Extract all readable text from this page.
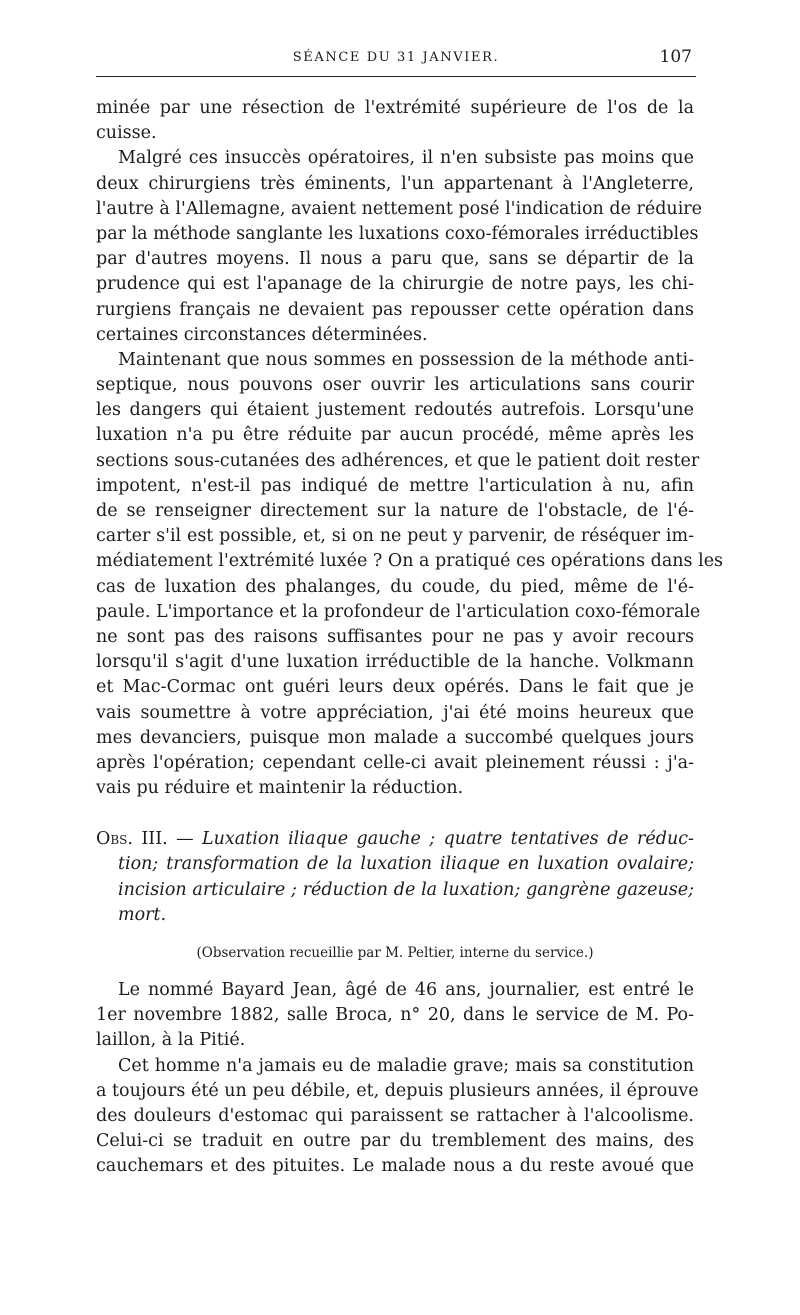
SÉANCE DU 31 JANVIER.	107
minée par une résection de l'extrémité supérieure de l'os de la
cuisse.
Malgré ces insuccès opératoires, il n'en subsiste pas moins que
deux chirurgiens très éminents, l'un appartenant à l'Angleterre,
l'autre à l'Allemagne, avaient nettement posé l'indication de réduire
par la méthode sanglante les luxations coxo-fémorales irréductibles
par d'autres moyens. Il nous a paru que, sans se départir de la
prudence qui est l'apanage de la chirurgie de notre pays, les chi-
rurgiens français ne devaient pas repousser cette opération dans
certaines circonstances déterminées.
Maintenant que nous sommes en possession de la méthode anti-
septique, nous pouvons oser ouvrir les articulations sans courir
les dangers qui étaient justement redoutés autrefois. Lorsqu'une
luxation n'a pu être réduite par aucun procédé, même après les
sections sous-cutanées des adhérences, et que le patient doit rester
impotent, n'est-il pas indiqué de mettre l'articulation à nu, afin
de se renseigner directement sur la nature de l'obstacle, de l'é-
carter s'il est possible, et, si on ne peut y parvenir, de réséquer im-
médiatement l'extrémité luxée ? On a pratiqué ces opérations dans les
cas de luxation des phalanges, du coude, du pied, même de l'é-
paule. L'importance et la profondeur de l'articulation coxo-fémorale
ne sont pas des raisons suffisantes pour ne pas y avoir recours
lorsqu'il s'agit d'une luxation irréductible de la hanche. Volkmann
et Mac-Cormac ont guéri leurs deux opérés. Dans le fait que je
vais soumettre à votre appréciation, j'ai été moins heureux que
mes devanciers, puisque mon malade a succombé quelques jours
après l'opération; cependant celle-ci avait pleinement réussi : j'a-
vais pu réduire et maintenir la réduction.
Obs. III. — Luxation iliaque gauche ; quatre tentatives de réduc-
tion; transformation de la luxation iliaque en luxation ovalaire;
incision articulaire ; réduction de la luxation; gangrène gazeuse;
mort.
(Observation recueillie par M. Peltier, interne du service.)
Le nommé Bayard Jean, âgé de 46 ans, journalier, est entré le
1er novembre 1882, salle Broca, n° 20, dans le service de M. Po-
laillon, à la Pitié.
Cet homme n'a jamais eu de maladie grave; mais sa constitution
a toujours été un peu débile, et, depuis plusieurs années, il éprouve
des douleurs d'estomac qui paraissent se rattacher à l'alcoolisme.
Celui-ci se traduit en outre par du tremblement des mains, des
cauchemars et des pituites. Le malade nous a du reste avoué que
